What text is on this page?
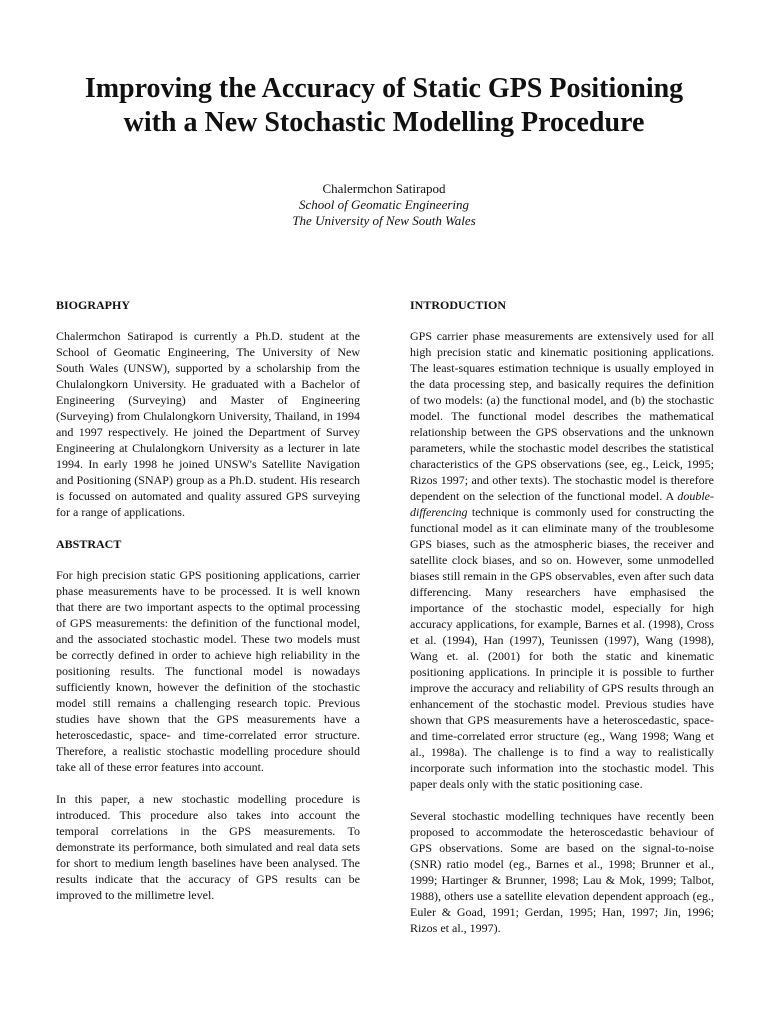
Improving the Accuracy of Static GPS Positioning with a New Stochastic Modelling Procedure
Chalermchon Satirapod
School of Geomatic Engineering
The University of New South Wales
BIOGRAPHY

Chalermchon Satirapod is currently a Ph.D. student at the School of Geomatic Engineering, The University of New South Wales (UNSW), supported by a scholarship from the Chulalongkorn University. He graduated with a Bachelor of Engineering (Surveying) and Master of Engineering (Surveying) from Chulalongkorn University, Thailand, in 1994 and 1997 respectively. He joined the Department of Survey Engineering at Chulalongkorn University as a lecturer in late 1994. In early 1998 he joined UNSW's Satellite Navigation and Positioning (SNAP) group as a Ph.D. student. His research is focussed on automated and quality assured GPS surveying for a range of applications.

ABSTRACT

For high precision static GPS positioning applications, carrier phase measurements have to be processed. It is well known that there are two important aspects to the optimal processing of GPS measurements: the definition of the functional model, and the associated stochastic model. These two models must be correctly defined in order to achieve high reliability in the positioning results. The functional model is nowadays sufficiently known, however the definition of the stochastic model still remains a challenging research topic. Previous studies have shown that the GPS measurements have a heteroscedastic, space- and time-correlated error structure. Therefore, a realistic stochastic modelling procedure should take all of these error features into account.

In this paper, a new stochastic modelling procedure is introduced. This procedure also takes into account the temporal correlations in the GPS measurements. To demonstrate its performance, both simulated and real data sets for short to medium length baselines have been analysed. The results indicate that the accuracy of GPS results can be improved to the millimetre level.

INTRODUCTION

GPS carrier phase measurements are extensively used for all high precision static and kinematic positioning applications. The least-squares estimation technique is usually employed in the data processing step, and basically requires the definition of two models: (a) the functional model, and (b) the stochastic model. The functional model describes the mathematical relationship between the GPS observations and the unknown parameters, while the stochastic model describes the statistical characteristics of the GPS observations (see, eg., Leick, 1995; Rizos 1997; and other texts). The stochastic model is therefore dependent on the selection of the functional model. A double-differencing technique is commonly used for constructing the functional model as it can eliminate many of the troublesome GPS biases, such as the atmospheric biases, the receiver and satellite clock biases, and so on. However, some unmodelled biases still remain in the GPS observables, even after such data differencing. Many researchers have emphasised the importance of the stochastic model, especially for high accuracy applications, for example, Barnes et al. (1998), Cross et al. (1994), Han (1997), Teunissen (1997), Wang (1998), Wang et. al. (2001) for both the static and kinematic positioning applications. In principle it is possible to further improve the accuracy and reliability of GPS results through an enhancement of the stochastic model. Previous studies have shown that GPS measurements have a heteroscedastic, space- and time-correlated error structure (eg., Wang 1998; Wang et al., 1998a). The challenge is to find a way to realistically incorporate such information into the stochastic model. This paper deals only with the static positioning case.

Several stochastic modelling techniques have recently been proposed to accommodate the heteroscedastic behaviour of GPS observations. Some are based on the signal-to-noise (SNR) ratio model (eg., Barnes et al., 1998; Brunner et al., 1999; Hartinger & Brunner, 1998; Lau & Mok, 1999; Talbot, 1988), others use a satellite elevation dependent approach (eg., Euler & Goad, 1991; Gerdan, 1995; Han, 1997; Jin, 1996; Rizos et al., 1997).
